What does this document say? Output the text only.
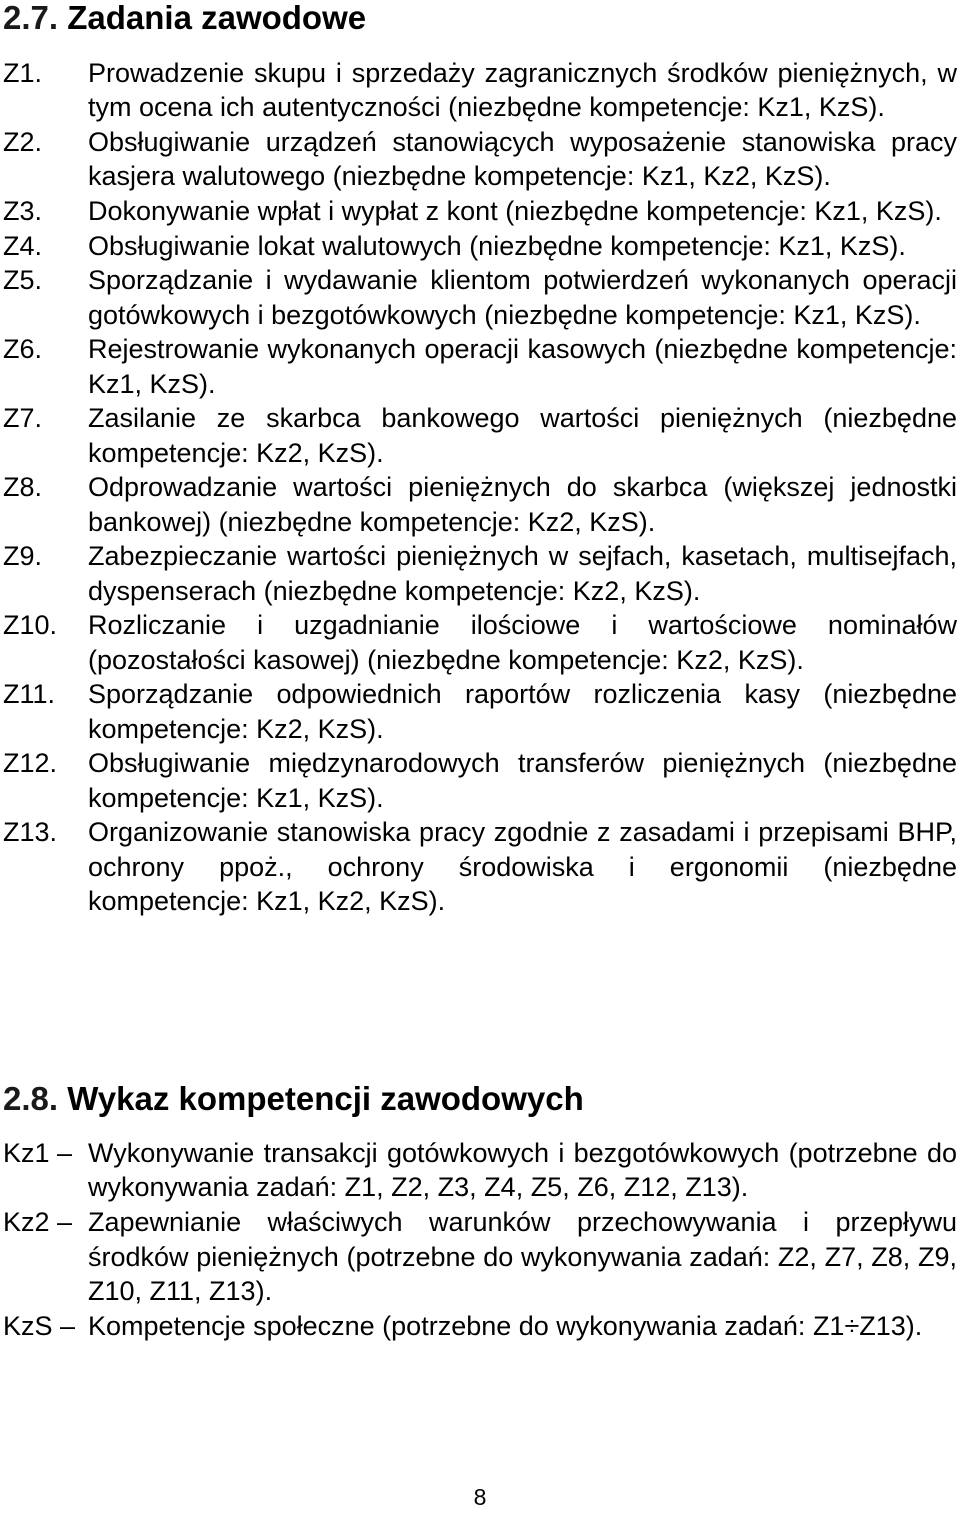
2.7. Zadania zawodowe
Z1.	Prowadzenie skupu i sprzedaży zagranicznych środków pieniężnych, w tym ocena ich autentyczności (niezbędne kompetencje: Kz1, KzS).
Z2.	Obsługiwanie urządzeń stanowiących wyposażenie stanowiska pracy kasjera walutowego (niezbędne kompetencje: Kz1, Kz2, KzS).
Z3.	Dokonywanie wpłat i wypłat z kont (niezbędne kompetencje: Kz1, KzS).
Z4.	Obsługiwanie lokat walutowych (niezbędne kompetencje: Kz1, KzS).
Z5.	Sporządzanie i wydawanie klientom potwierdzeń wykonanych operacji gotówkowych i bezgotówkowych (niezbędne kompetencje: Kz1, KzS).
Z6.	Rejestrowanie wykonanych operacji kasowych (niezbędne kompetencje: Kz1, KzS).
Z7.	Zasilanie ze skarbca bankowego wartości pieniężnych (niezbędne kompetencje: Kz2, KzS).
Z8.	Odprowadzanie wartości pieniężnych do skarbca (większej jednostki bankowej) (niezbędne kompetencje: Kz2, KzS).
Z9.	Zabezpieczanie wartości pieniężnych w sejfach, kasetach, multisejfach, dyspenserach (niezbędne kompetencje: Kz2, KzS).
Z10.	Rozliczanie i uzgadnianie ilościowe i wartościowe nominałów (pozostałości kasowej) (niezbędne kompetencje: Kz2, KzS).
Z11.	Sporządzanie odpowiednich raportów rozliczenia kasy (niezbędne kompetencje: Kz2, KzS).
Z12.	Obsługiwanie międzynarodowych transferów pieniężnych (niezbędne kompetencje: Kz1, KzS).
Z13.	Organizowanie stanowiska pracy zgodnie z zasadami i przepisami BHP, ochrony ppoż., ochrony środowiska i ergonomii (niezbędne kompetencje: Kz1, Kz2, KzS).
2.8. Wykaz kompetencji zawodowych
Kz1 – Wykonywanie transakcji gotówkowych i bezgotówkowych (potrzebne do wykonywania zadań: Z1, Z2, Z3, Z4, Z5, Z6, Z12, Z13).
Kz2 – Zapewnianie właściwych warunków przechowywania i przepływu środków pieniężnych (potrzebne do wykonywania zadań: Z2, Z7, Z8, Z9, Z10, Z11, Z13).
KzS – Kompetencje społeczne (potrzebne do wykonywania zadań: Z1÷Z13).
8
